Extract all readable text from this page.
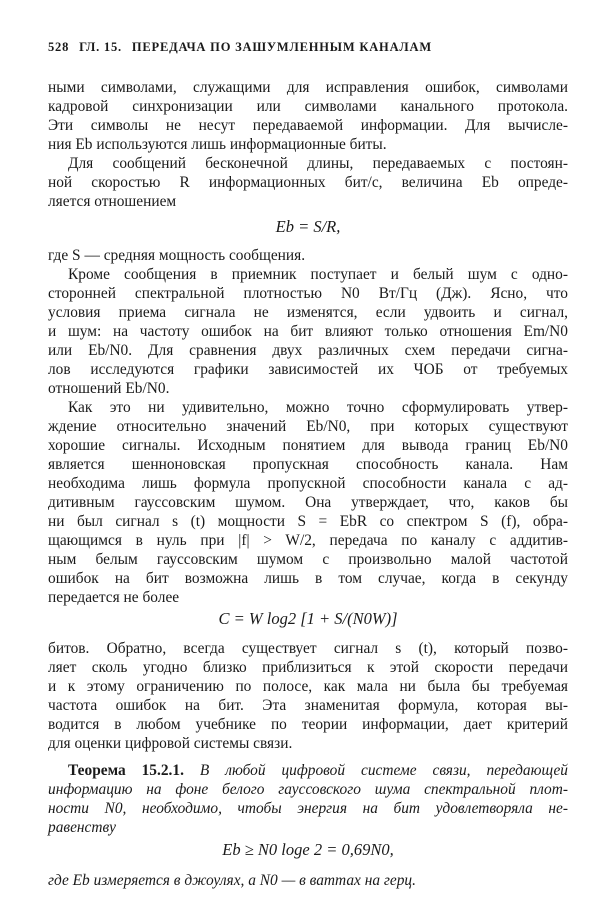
528 ГЛ. 15. ПЕРЕДАЧА ПО ЗАШУМЛЕННЫМ КАНАЛАМ
ными символами, служащими для исправления ошибок, символами
кадровой синхронизации или символами канального протокола.
Эти символы не несут передаваемой информации. Для вычисле-
ния Eb используются лишь информационные биты.
Для сообщений бесконечной длины, передаваемых с постоян-
ной скоростью R информационных бит/с, величина Eb опреде-
ляется отношением
Eb = S/R,
где S — средняя мощность сообщения.
Кроме сообщения в приемник поступает и белый шум с одно-
сторонней спектральной плотностью N0 Вт/Гц (Дж). Ясно, что
условия приема сигнала не изменятся, если удвоить и сигнал,
и шум: на частоту ошибок на бит влияют только отношения Em/N0
или Eb/N0. Для сравнения двух различных схем передачи сигна-
лов исследуются графики зависимостей их ЧОБ от требуемых
отношений Eb/N0.
Как это ни удивительно, можно точно сформулировать утвер-
ждение относительно значений Eb/N0, при которых существуют
хорошие сигналы. Исходным понятием для вывода границ Eb/N0
является шенноновская пропускная способность канала. Нам
необходима лишь формула пропускной способности канала с ад-
дитивным гауссовским шумом. Она утверждает, что, каков бы
ни был сигнал s (t) мощности S = EbR со спектром S (f), обра-
щающимся в нуль при |f| > W/2, передача по каналу с аддитив-
ным белым гауссовским шумом с произвольно малой частотой
ошибок на бит возможна лишь в том случае, когда в секунду
передается не более
C = W log2 [1 + S/(N0W)]
битов. Обратно, всегда существует сигнал s (t), который позво-
ляет сколь угодно близко приблизиться к этой скорости передачи
и к этому ограничению по полосе, как мала ни была бы требуемая
частота ошибок на бит. Эта знаменитая формула, которая вы-
водится в любом учебнике по теории информации, дает критерий
для оценки цифровой системы связи.
Теорема 15.2.1. В любой цифровой системе связи, передающей
информацию на фоне белого гауссовского шума спектральной плот-
ности N0, необходимо, чтобы энергия на бит удовлетворяла не-
равенству
Eb ≥ N0 loge 2 = 0,69N0,
где Eb измеряется в джоулях, а N0 — в ваттах на герц.
